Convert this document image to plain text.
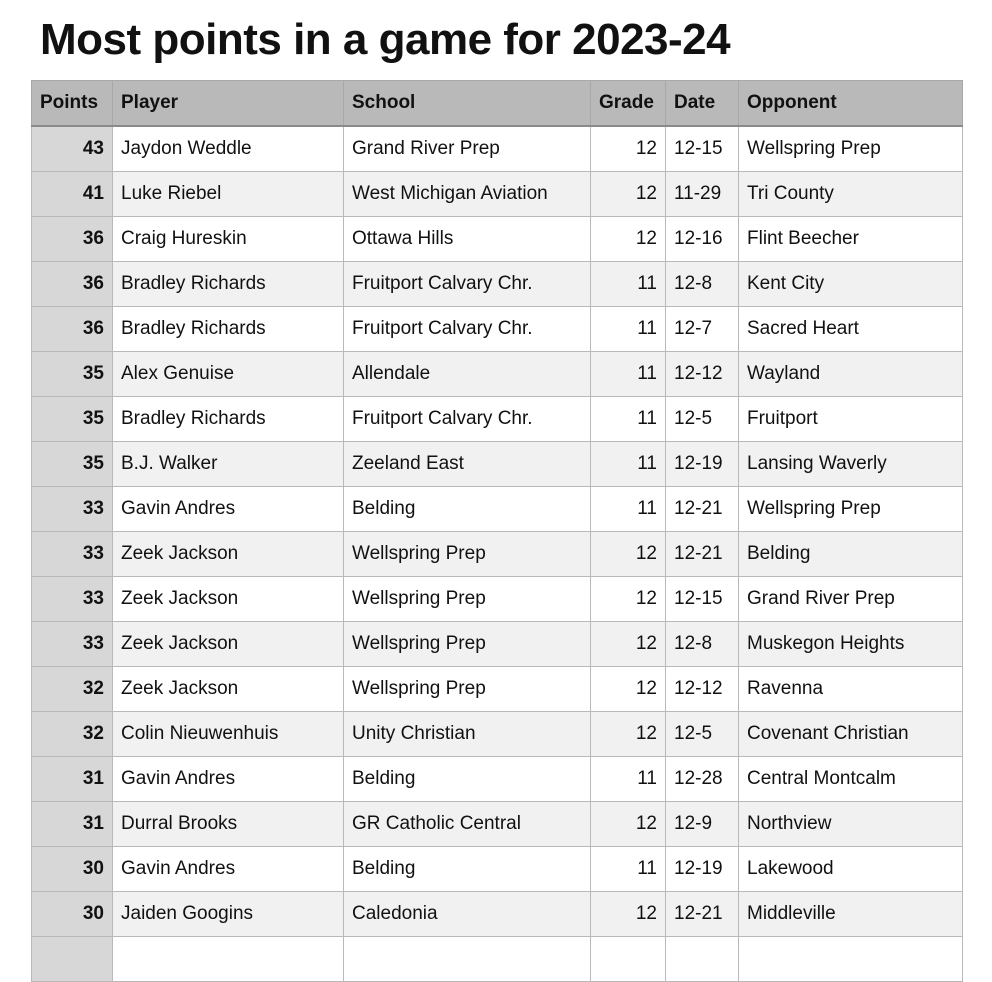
Most points in a game for 2023-24
Points	Player	School	Grade	Date	Opponent
43	Jaydon Weddle	Grand River Prep	12	12-15	Wellspring Prep
41	Luke Riebel	West Michigan Aviation	12	11-29	Tri County
36	Craig Hureskin	Ottawa Hills	12	12-16	Flint Beecher
36	Bradley Richards	Fruitport Calvary Chr.	11	12-8	Kent City
36	Bradley Richards	Fruitport Calvary Chr.	11	12-7	Sacred Heart
35	Alex Genuise	Allendale	11	12-12	Wayland
35	Bradley Richards	Fruitport Calvary Chr.	11	12-5	Fruitport
35	B.J. Walker	Zeeland East	11	12-19	Lansing Waverly
33	Gavin Andres	Belding	11	12-21	Wellspring Prep
33	Zeek Jackson	Wellspring Prep	12	12-21	Belding
33	Zeek Jackson	Wellspring Prep	12	12-15	Grand River Prep
33	Zeek Jackson	Wellspring Prep	12	12-8	Muskegon Heights
32	Zeek Jackson	Wellspring Prep	12	12-12	Ravenna
32	Colin Nieuwenhuis	Unity Christian	12	12-5	Covenant Christian
31	Gavin Andres	Belding	11	12-28	Central Montcalm
31	Durral Brooks	GR Catholic Central	12	12-9	Northview
30	Gavin Andres	Belding	11	12-19	Lakewood
30	Jaiden Googins	Caledonia	12	12-21	Middleville
